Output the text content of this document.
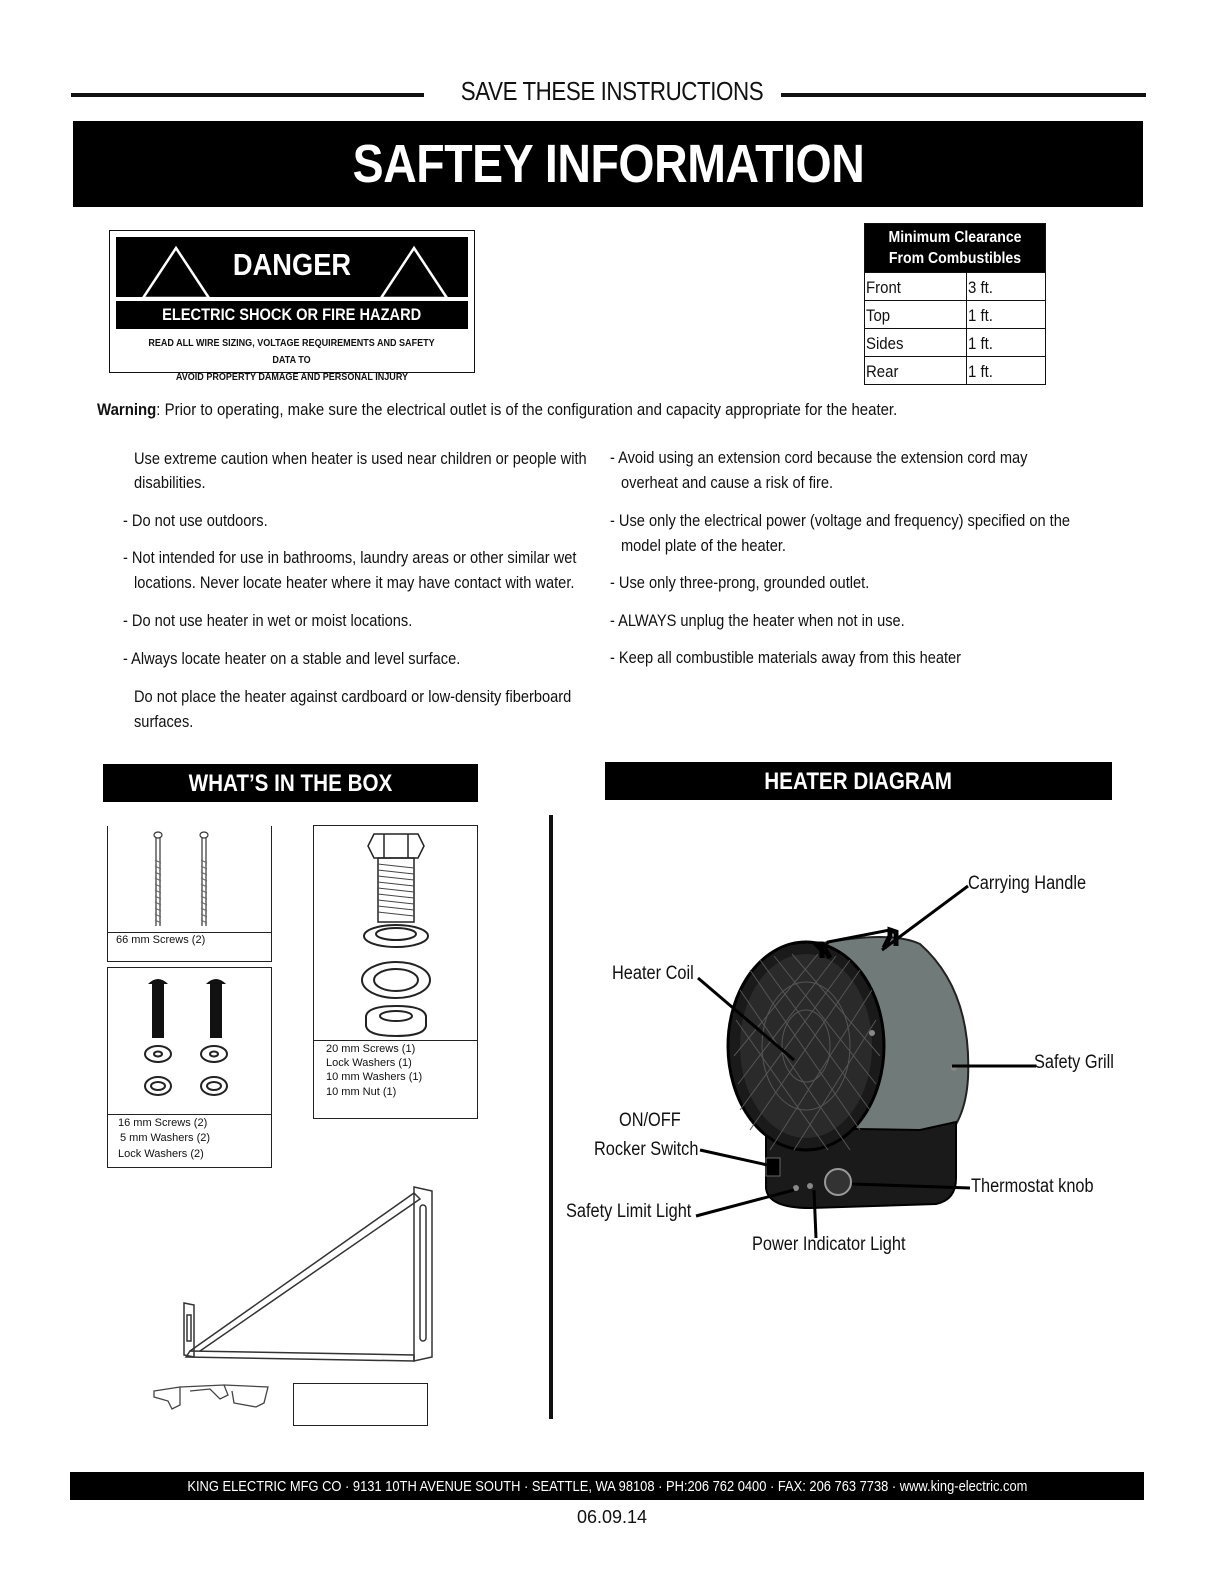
SAVE THESE INSTRUCTIONS
SAFTEY INFORMATION
DANGER
ELECTRIC SHOCK OR FIRE HAZARD
READ ALL WIRE SIZING, VOLTAGE REQUIREMENTS AND SAFETY DATA TO
AVOID PROPERTY DAMAGE AND PERSONAL INJURY
Minimum Clearance
From Combustibles
Front	3 ft.
Top	1 ft.
Sides	1 ft.
Rear	1 ft.
Warning: Prior to operating, make sure the electrical outlet is of the configuration and capacity appropriate for the heater.
Use extreme caution when heater is used near children or people with
disabilities.
- Do not use outdoors.
- Not intended for use in bathrooms, laundry areas or other similar wet
locations. Never locate heater where it may have contact with water.
- Do not use heater in wet or moist locations.
- Always locate heater on a stable and level surface.
Do not place the heater against cardboard or low-density fiberboard
surfaces.
- Avoid using an extension cord because the extension cord may
overheat and cause a risk of fire.
- Use only the electrical power (voltage and frequency) specified on the
model plate of the heater.
- Use only three-prong, grounded outlet.
- ALWAYS unplug the heater when not in use.
- Keep all combustible materials away from this heater
WHAT’S IN THE BOX	HEATER DIAGRAM
66 mm Screws (2)
16 mm Screws (2)
5 mm Washers (2)
Lock Washers (2)
20 mm Screws (1)
Lock Washers (1)
10 mm Washers (1)
10 mm Nut (1)
Carrying Handle
Heater Coil
Safety Grill
ON/OFF
Rocker Switch
Thermostat knob
Safety Limit Light
Power Indicator Light
KING ELECTRIC MFG CO · 9131 10TH AVENUE SOUTH · SEATTLE, WA 98108 · PH:206 762 0400 · FAX: 206 763 7738 · www.king-electric.com
06.09.14
